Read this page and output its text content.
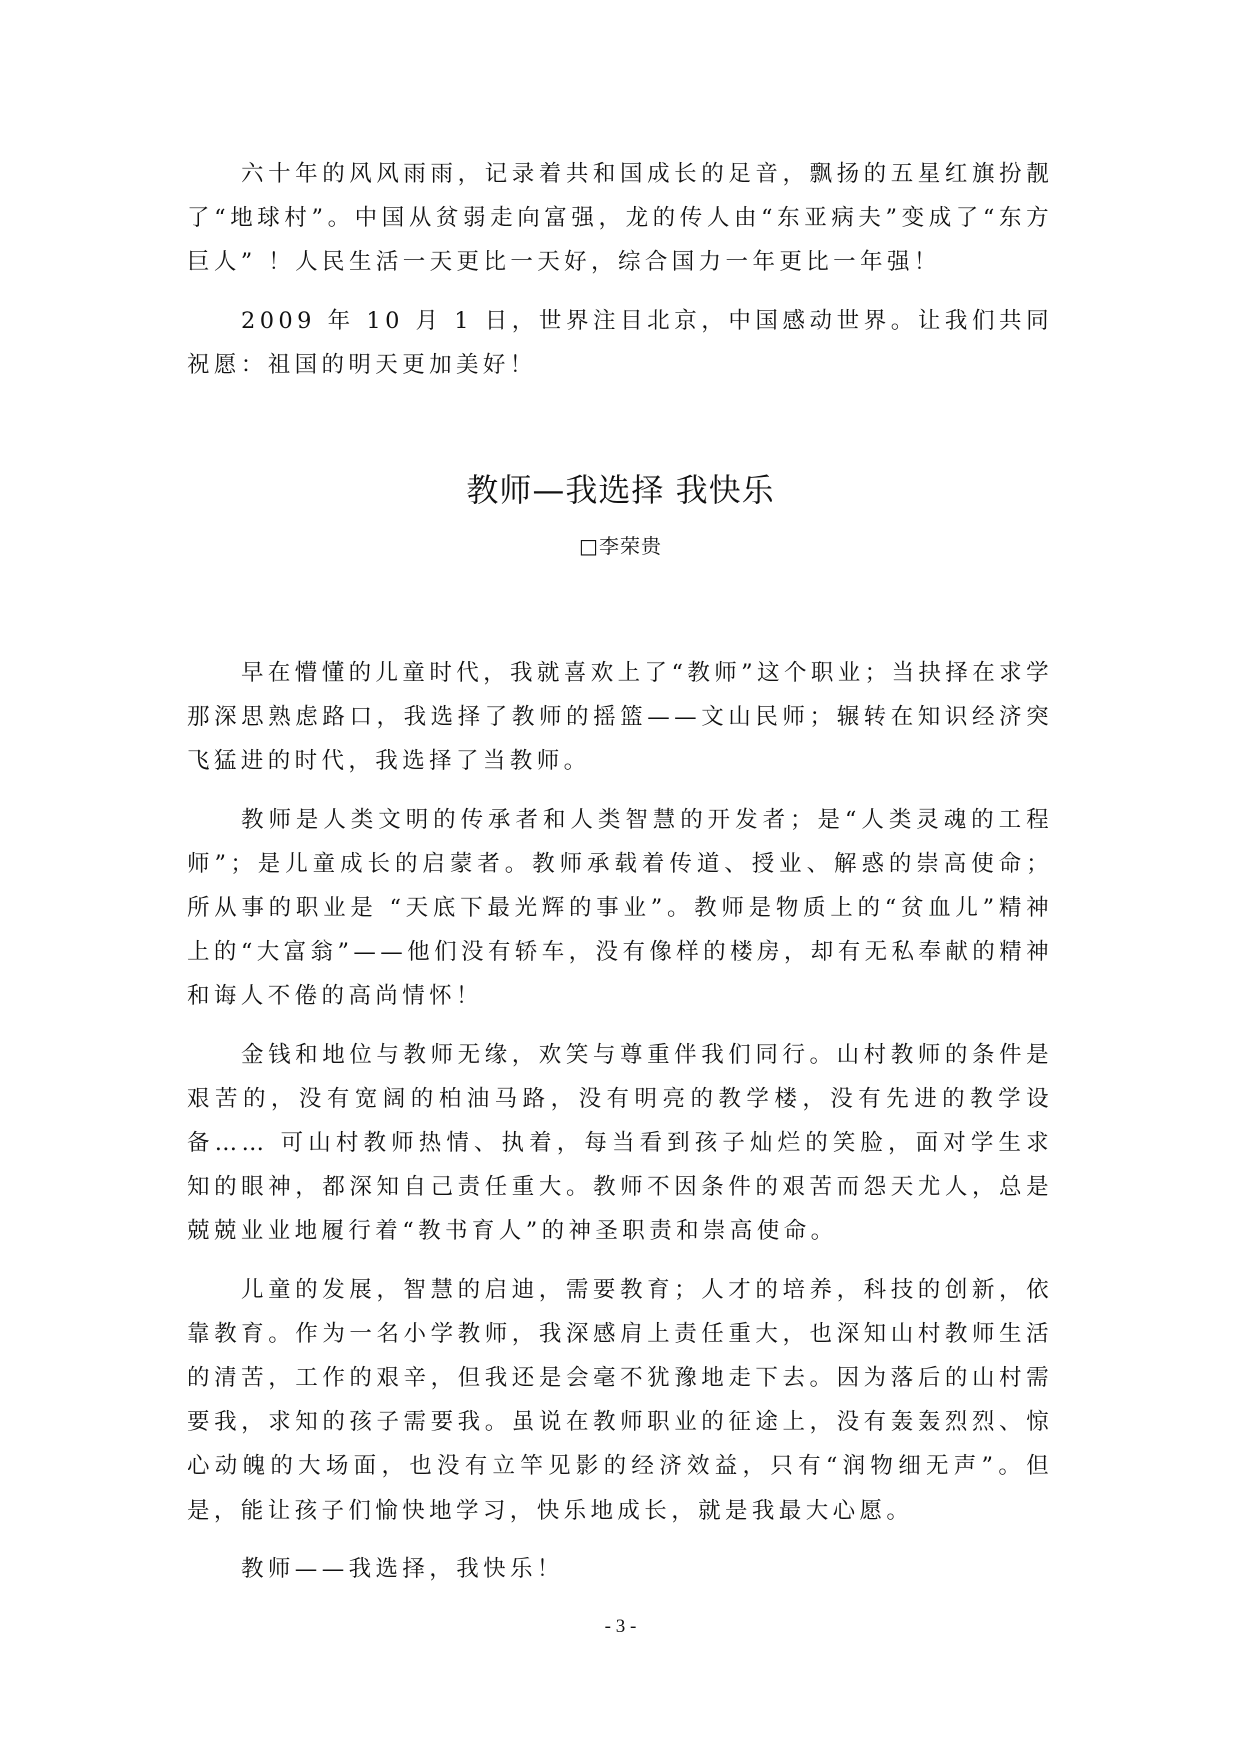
六十年的风风雨雨，记录着共和国成长的足音，飘扬的五星红旗扮靓了“地球村”。中国从贫弱走向富强，龙的传人由“东亚病夫”变成了“东方巨人” ！人民生活一天更比一天好，综合国力一年更比一年强！

2009 年 10 月 1 日，世界注目北京，中国感动世界。让我们共同祝愿：祖国的明天更加美好！

教师—我选择 我快乐
□李荣贵

早在懵懂的儿童时代，我就喜欢上了“教师”这个职业；当抉择在求学那深思熟虑路口，我选择了教师的摇篮——文山民师；辗转在知识经济突飞猛进的时代，我选择了当教师。

教师是人类文明的传承者和人类智慧的开发者；是“人类灵魂的工程师”；是儿童成长的启蒙者。教师承载着传道、授业、解惑的崇高使命；所从事的职业是 “天底下最光辉的事业”。教师是物质上的“贫血儿”精神上的“大富翁”——他们没有轿车，没有像样的楼房，却有无私奉献的精神和诲人不倦的高尚情怀！

金钱和地位与教师无缘，欢笑与尊重伴我们同行。山村教师的条件是艰苦的，没有宽阔的柏油马路，没有明亮的教学楼，没有先进的教学设备…… 可山村教师热情、执着，每当看到孩子灿烂的笑脸，面对学生求知的眼神，都深知自己责任重大。教师不因条件的艰苦而怨天尤人，总是兢兢业业地履行着“教书育人”的神圣职责和崇高使命。

儿童的发展，智慧的启迪，需要教育；人才的培养，科技的创新，依靠教育。作为一名小学教师，我深感肩上责任重大，也深知山村教师生活的清苦，工作的艰辛，但我还是会毫不犹豫地走下去。因为落后的山村需要我，求知的孩子需要我。虽说在教师职业的征途上，没有轰轰烈烈、惊心动魄的大场面，也没有立竿见影的经济效益，只有“润物细无声”。但是，能让孩子们愉快地学习，快乐地成长，就是我最大心愿。

教师——我选择，我快乐！

- 3 -
